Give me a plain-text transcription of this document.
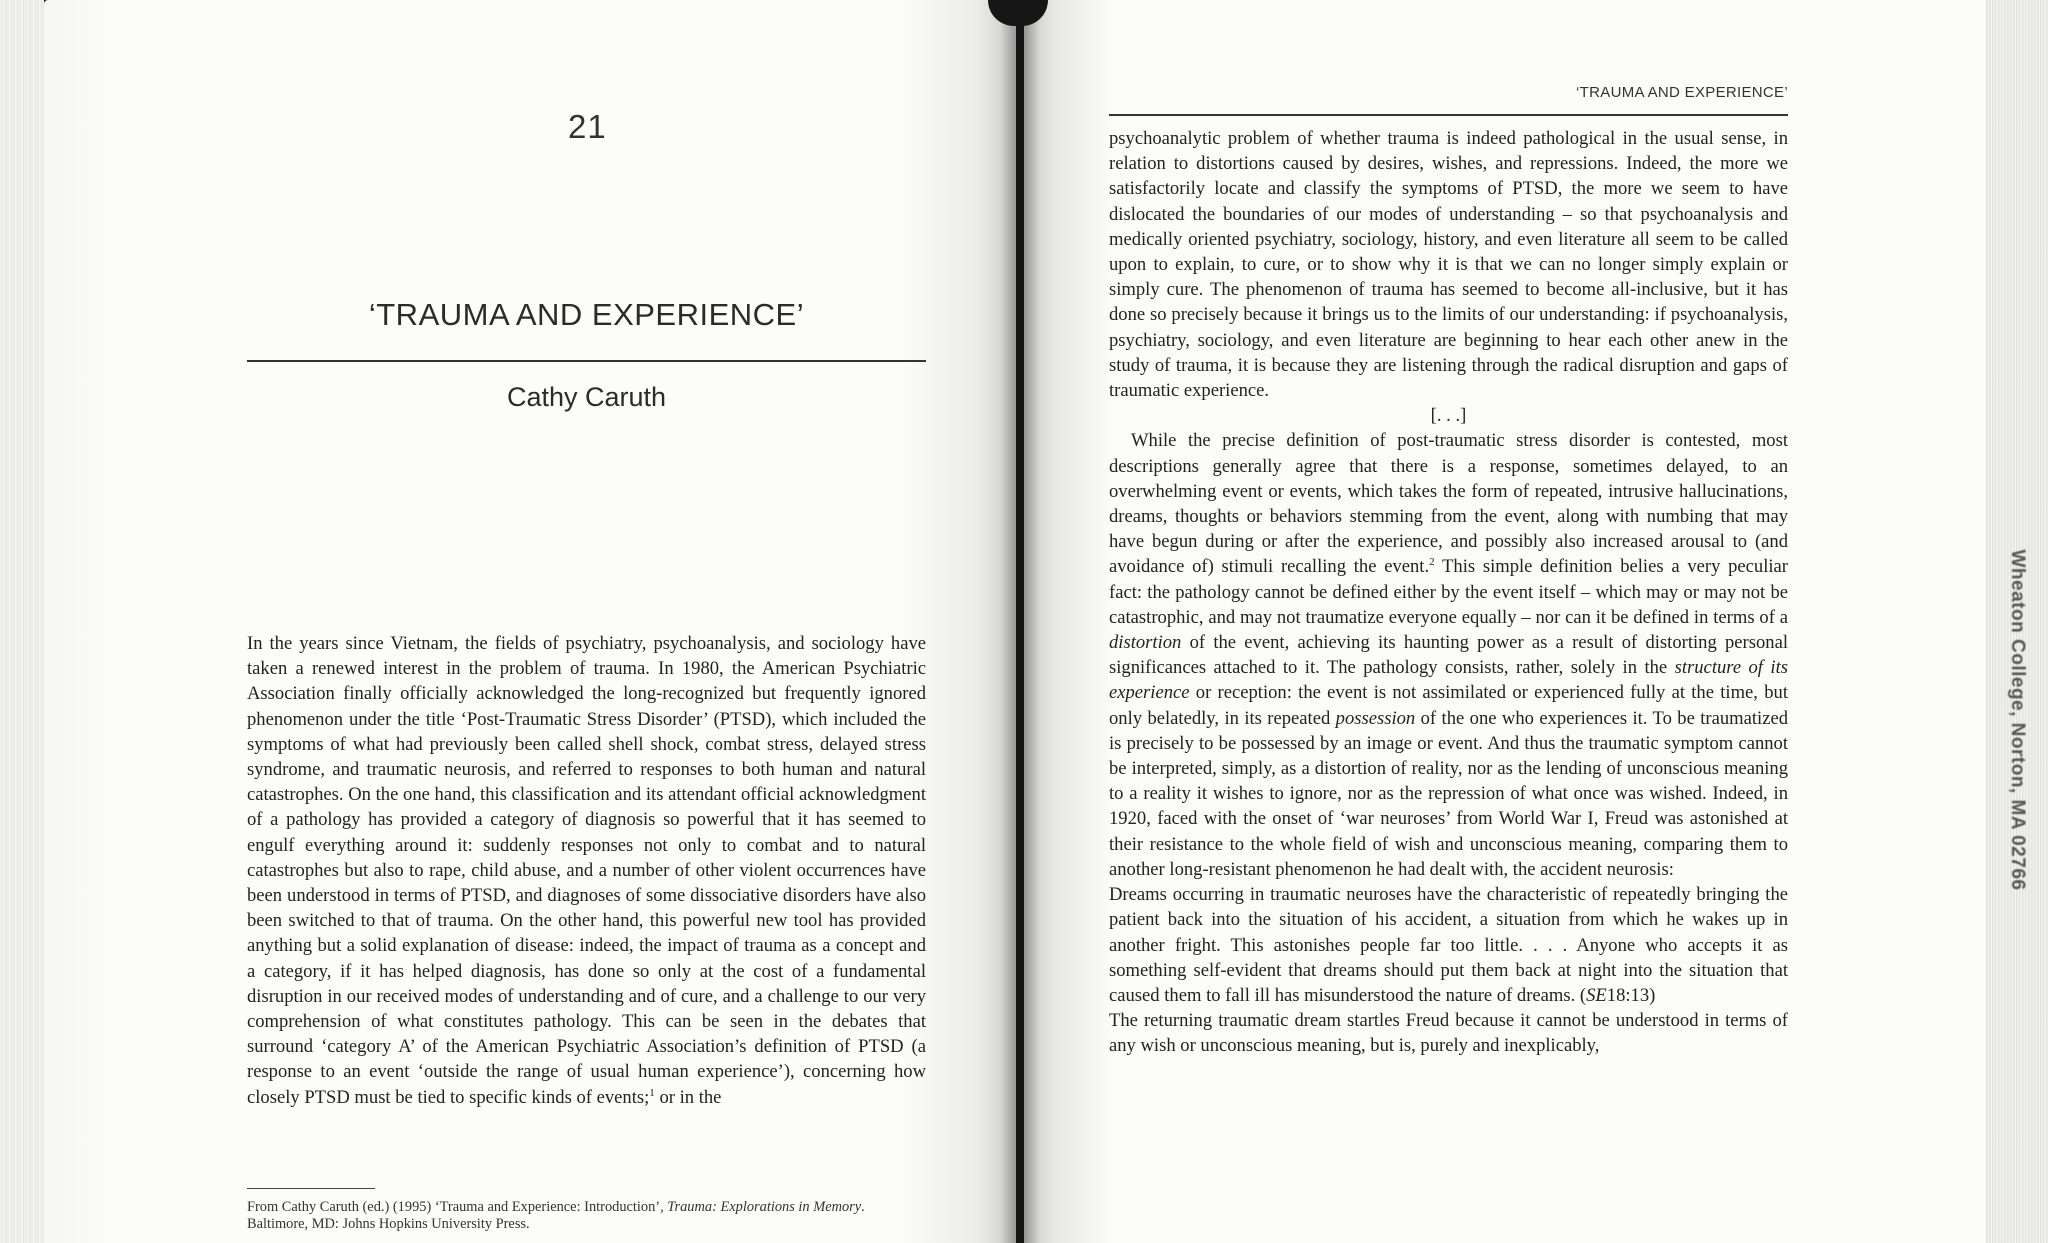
21
‘TRAUMA AND EXPERIENCE’
Cathy Caruth
In the years since Vietnam, the fields of psychiatry, psychoanalysis, and sociology have taken a renewed interest in the problem of trauma. In 1980, the American Psychiatric Association finally officially acknowledged the long-recognized but frequently ignored phenomenon under the title ‘Post-Traumatic Stress Disorder’ (PTSD), which included the symptoms of what had previously been called shell shock, combat stress, delayed stress syndrome, and traumatic neurosis, and referred to responses to both human and natural catastrophes. On the one hand, this classification and its attendant official acknowledgment of a pathology has provided a category of diagnosis so powerful that it has seemed to engulf everything around it: suddenly responses not only to combat and to natural catastrophes but also to rape, child abuse, and a number of other violent occurrences have been understood in terms of PTSD, and diagnoses of some dissociative disorders have also been switched to that of trauma. On the other hand, this powerful new tool has provided anything but a solid explanation of disease: indeed, the impact of trauma as a concept and a category, if it has helped diagnosis, has done so only at the cost of a fundamental disruption in our received modes of understanding and of cure, and a challenge to our very comprehension of what constitutes pathology. This can be seen in the debates that surround ‘category A’ of the American Psychiatric Association’s definition of PTSD (a response to an event ‘outside the range of usual human experience’), concerning how closely PTSD must be tied to specific kinds of events;$^1$ or in the
From Cathy Caruth (ed.) (1995) ‘Trauma and Experience: Introduction’, Trauma: Explorations in Memory. Baltimore, MD: Johns Hopkins University Press.
‘TRAUMA AND EXPERIENCE’

psychoanalytic problem of whether trauma is indeed pathological in the usual sense, in relation to distortions caused by desires, wishes, and repressions. Indeed, the more we satisfactorily locate and classify the symptoms of PTSD, the more we seem to have dislocated the boundaries of our modes of understanding – so that psychoanalysis and medically oriented psychiatry, sociology, history, and even literature all seem to be called upon to explain, to cure, or to show why it is that we can no longer simply explain or simply cure. The phenomenon of trauma has seemed to become all-inclusive, but it has done so precisely because it brings us to the limits of our understanding: if psychoanalysis, psychiatry, sociology, and even literature are beginning to hear each other anew in the study of trauma, it is because they are listening through the radical disruption and gaps of traumatic experience.

[. . .]

While the precise definition of post-traumatic stress disorder is contested, most descriptions generally agree that there is a response, sometimes delayed, to an overwhelming event or events, which takes the form of repeated, intrusive hallucinations, dreams, thoughts or behaviors stemming from the event, along with numbing that may have begun during or after the experience, and possibly also increased arousal to (and avoidance of) stimuli recalling the event.$^2$ This simple definition belies a very peculiar fact: the pathology cannot be defined either by the event itself – which may or may not be catastrophic, and may not traumatize everyone equally – nor can it be defined in terms of a distortion of the event, achieving its haunting power as a result of distorting personal significances attached to it. The pathology consists, rather, solely in the structure of its experience or reception: the event is not assimilated or experienced fully at the time, but only belatedly, in its repeated possession of the one who experiences it. To be traumatized is precisely to be possessed by an image or event. And thus the traumatic symptom cannot be interpreted, simply, as a distortion of reality, nor as the lending of unconscious meaning to a reality it wishes to ignore, nor as the repression of what once was wished. Indeed, in 1920, faced with the onset of ‘war neuroses’ from World War I, Freud was astonished at their resistance to the whole field of wish and unconscious meaning, comparing them to another long-resistant phenomenon he had dealt with, the accident neurosis:

Dreams occurring in traumatic neuroses have the characteristic of repeatedly bringing the patient back into the situation of his accident, a situation from which he wakes up in another fright. This astonishes people far too little. . . . Anyone who accepts it as something self-evident that dreams should put them back at night into the situation that caused them to fall ill has misunderstood the nature of dreams. (SE18:13)

The returning traumatic dream startles Freud because it cannot be understood in terms of any wish or unconscious meaning, but is, purely and inexplicably,

Wheaton College, Norton, MA 02766
